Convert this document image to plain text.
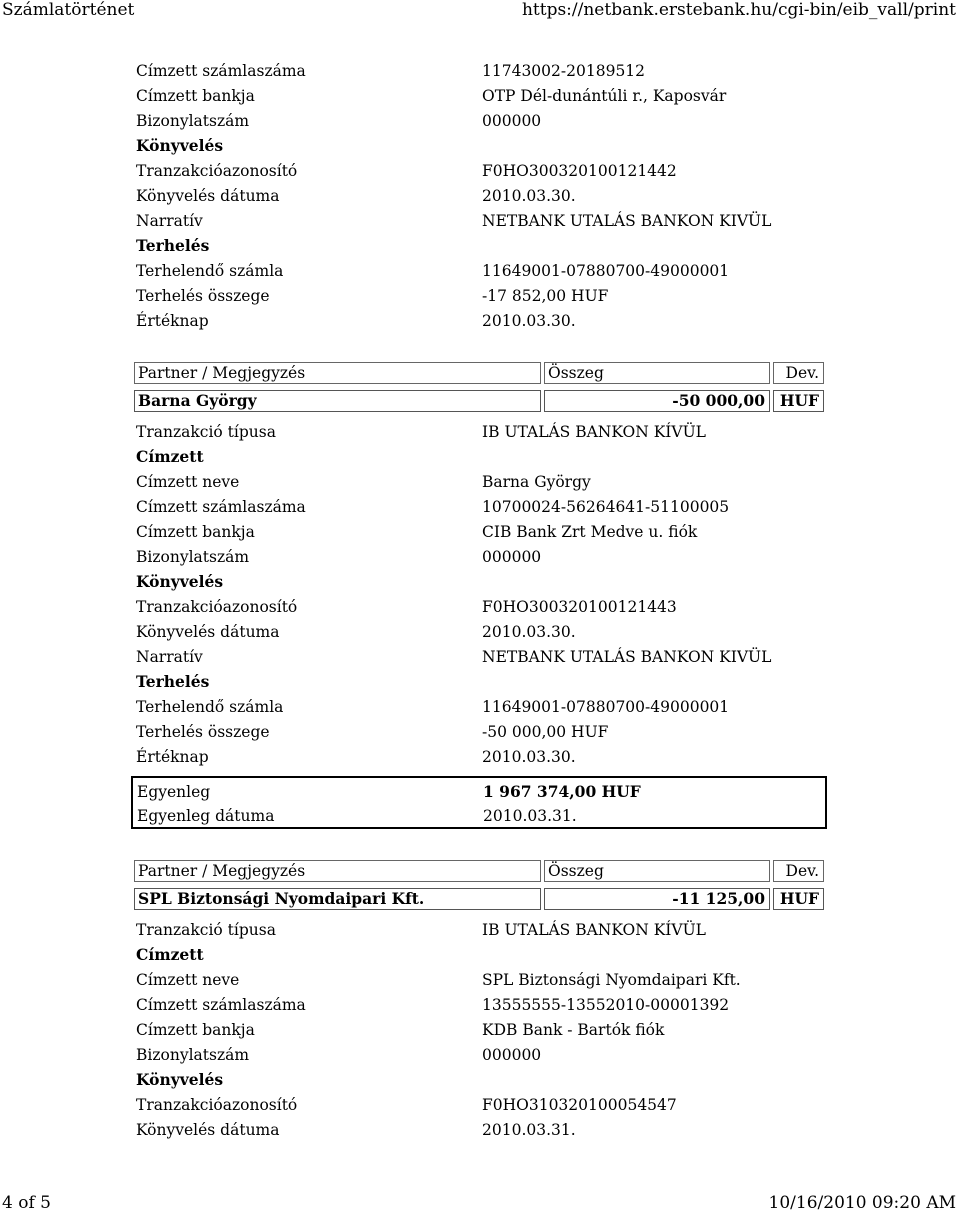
Számlatörténet	https://netbank.erstebank.hu/cgi-bin/eib_vall/print
Címzett számlaszáma	11743002-20189512
Címzett bankja	OTP Dél-dunántúli r., Kaposvár
Bizonylatszám	000000
Könyvelés
Tranzakcióazonosító	F0HO300320100121442
Könyvelés dátuma	2010.03.30.
Narratív	NETBANK UTALÁS BANKON KIVÜL
Terhelés
Terhelendő számla	11649001-07880700-49000001
Terhelés összege	-17 852,00 HUF
Értéknap	2010.03.30.
Partner / Megjegyzés	Összeg	Dev.
Barna György	-50 000,00 HUF
Tranzakció típusa	IB UTALÁS BANKON KÍVÜL
Címzett
Címzett neve	Barna György
Címzett számlaszáma	10700024-56264641-51100005
Címzett bankja	CIB Bank Zrt Medve u. fiók
Bizonylatszám	000000
Könyvelés
Tranzakcióazonosító	F0HO300320100121443
Könyvelés dátuma	2010.03.30.
Narratív	NETBANK UTALÁS BANKON KIVÜL
Terhelés
Terhelendő számla	11649001-07880700-49000001
Terhelés összege	-50 000,00 HUF
Értéknap	2010.03.30.
Egyenleg	1 967 374,00 HUF
Egyenleg dátuma	2010.03.31.
Partner / Megjegyzés	Összeg	Dev.
SPL Biztonsági Nyomdaipari Kft.	-11 125,00 HUF
Tranzakció típusa	IB UTALÁS BANKON KÍVÜL
Címzett
Címzett neve	SPL Biztonsági Nyomdaipari Kft.
Címzett számlaszáma	13555555-13552010-00001392
Címzett bankja	KDB Bank - Bartók fiók
Bizonylatszám	000000
Könyvelés
Tranzakcióazonosító	F0HO310320100054547
Könyvelés dátuma	2010.03.31.
4 of 5	10/16/2010 09:20 AM
